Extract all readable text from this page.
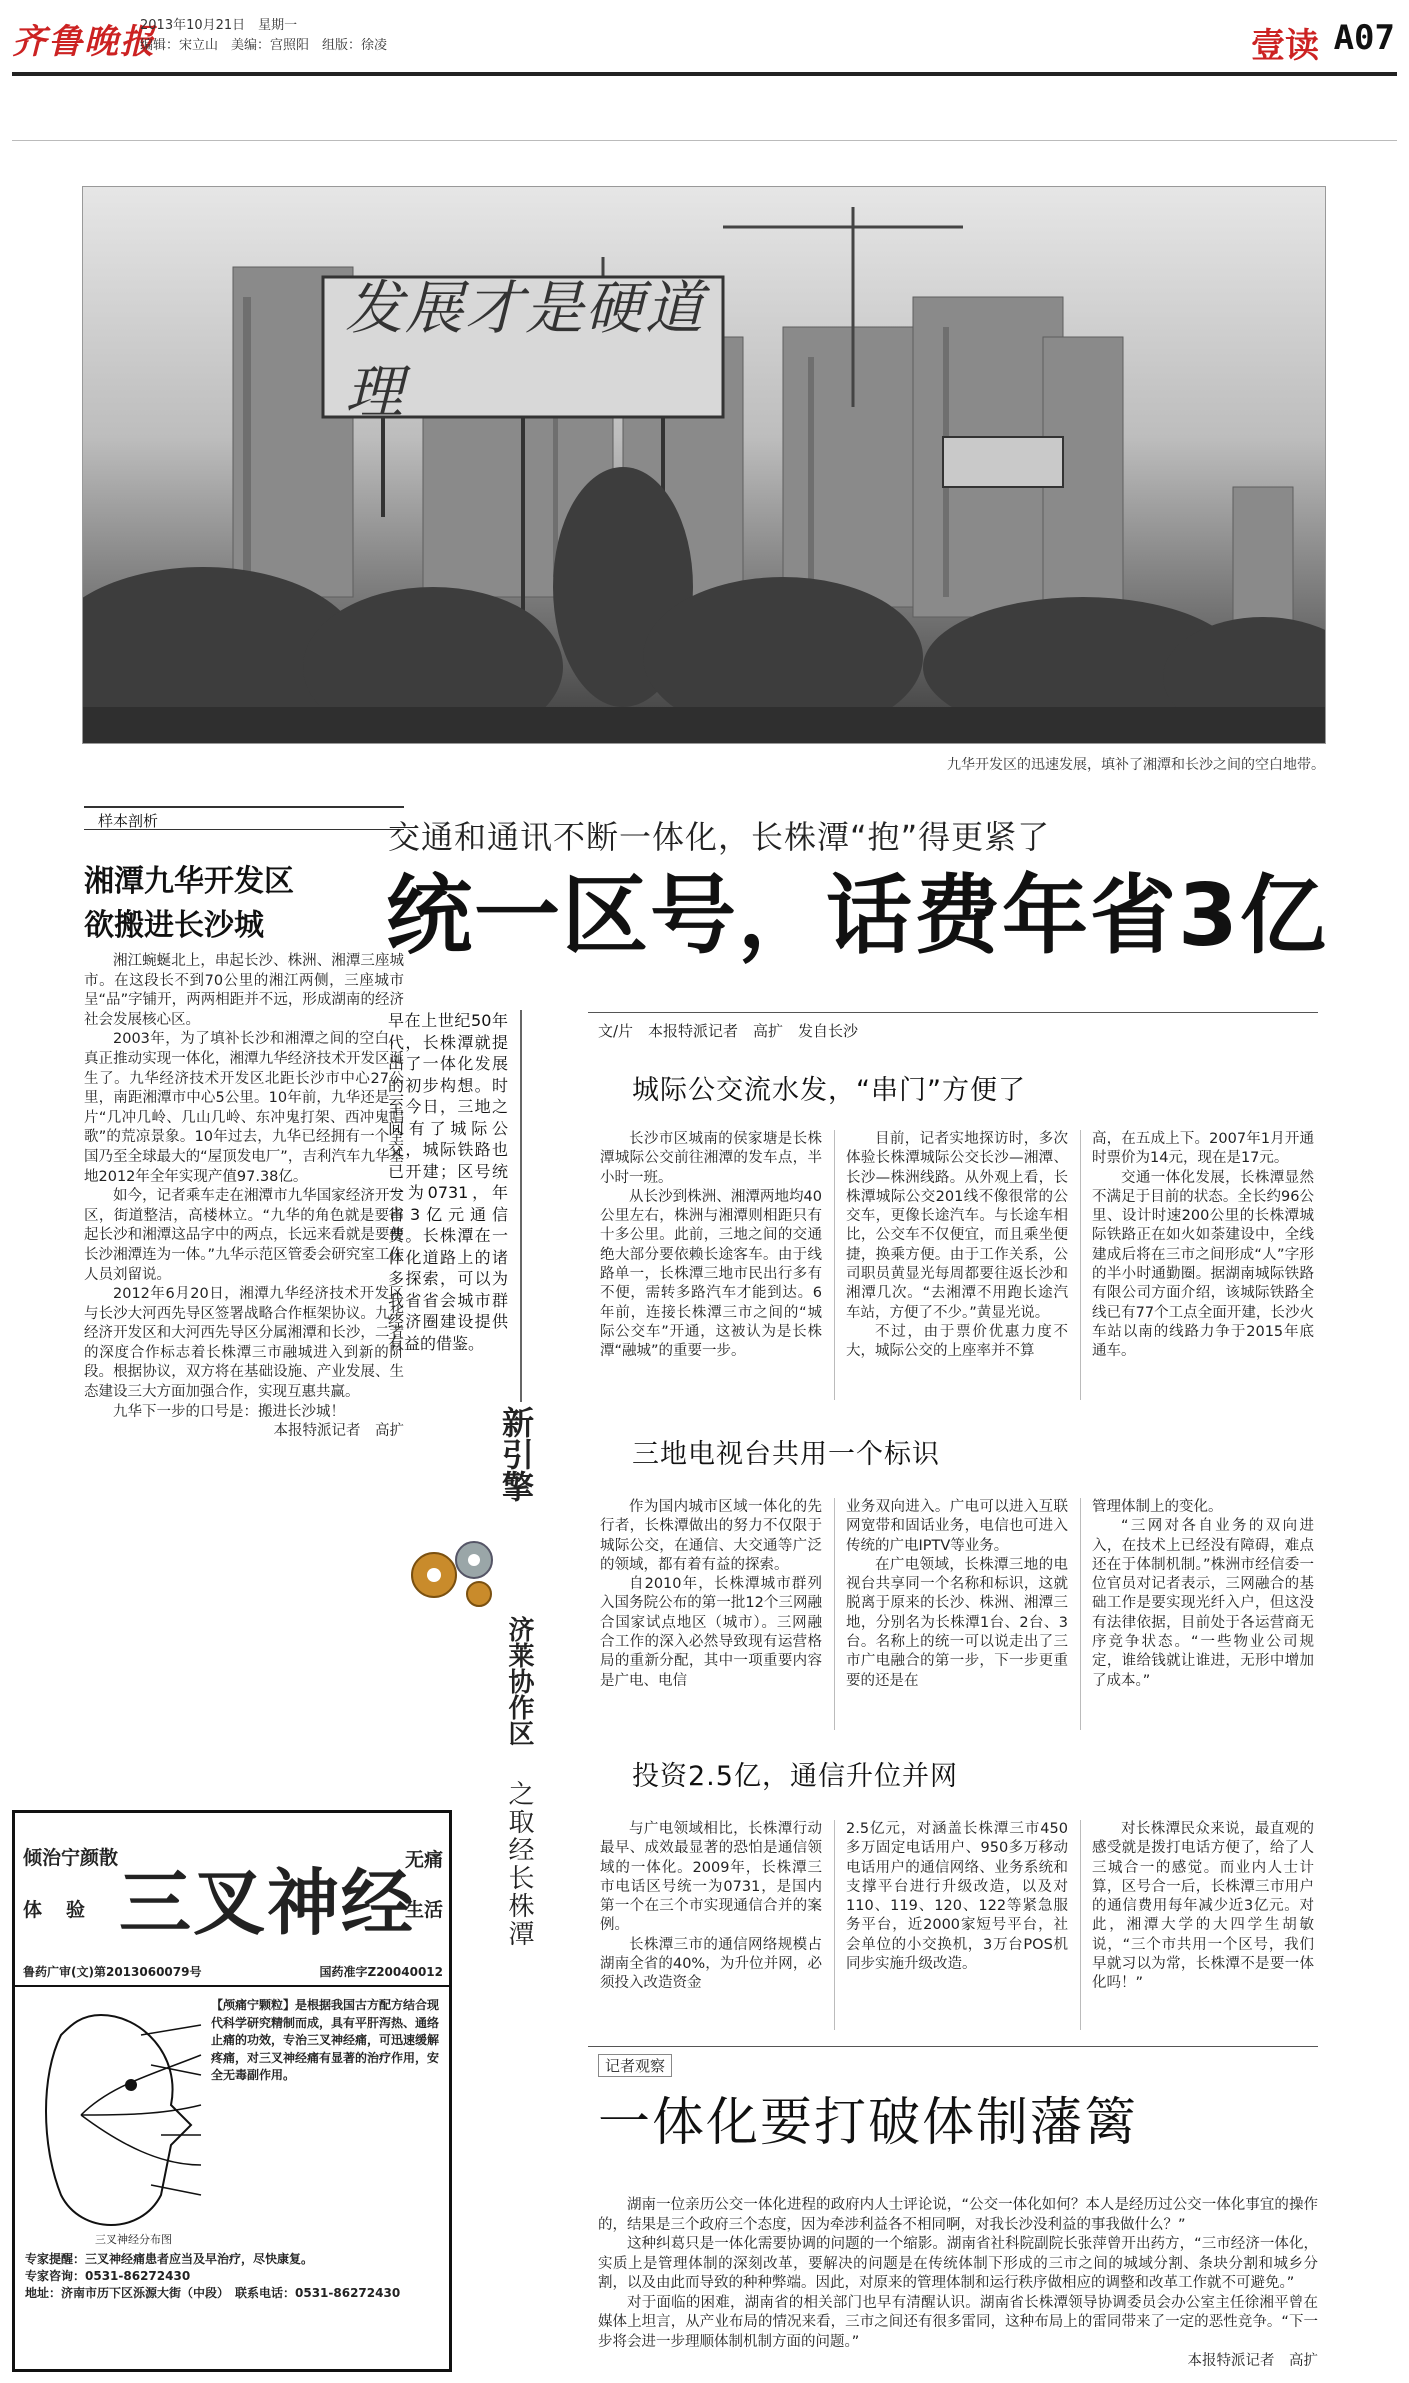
齐鲁晚报
2013年10月21日　星期一
编辑：宋立山　美编：宫照阳　组版：徐凌	壹读 A07
发展才是硬道理
九华开发区的迅速发展，填补了湘潭和长沙之间的空白地带。
样本剖析
湘潭九华开发区
欲搬进长沙城

湘江蜿蜒北上，串起长沙、株洲、湘潭三座城市。在这段长不到70公里的湘江两侧，三座城市呈“品”字铺开，两两相距并不远，形成湖南的经济社会发展核心区。

2003年，为了填补长沙和湘潭之间的空白，真正推动实现一体化，湘潭九华经济技术开发区诞生了。九华经济技术开发区北距长沙市中心27公里，南距湘潭市中心5公里。10年前，九华还是一片“几冲几岭、几山几岭、东冲鬼打架、西冲鬼唱歌”的荒凉景象。10年过去，九华已经拥有一个全国乃至全球最大的“屋顶发电厂”，吉利汽车九华基地2012年全年实现产值97.38亿。

如今，记者乘车走在湘潭市九华国家经济开发区，街道整洁，高楼林立。“九华的角色就是要串起长沙和湘潭这品字中的两点，长远来看就是要使长沙湘潭连为一体。”九华示范区管委会研究室工作人员刘留说。

2012年6月20日，湘潭九华经济技术开发区与长沙大河西先导区签署战略合作框架协议。九华经济开发区和大河西先导区分属湘潭和长沙，二者的深度合作标志着长株潭三市融城进入到新的阶段。根据协议，双方将在基础设施、产业发展、生态建设三大方面加强合作，实现互惠共赢。

九华下一步的口号是：搬进长沙城！

本报特派记者　高扩

倾治宁颜散
体验 三叉神经
无痛
生活
鲁药广审(文)第2013060079号	国药准字Z20040012
三叉神经分布图
【颅痛宁颗粒】是根据我国古方配方结合现代科学研究精制而成，具有平肝泻热、通络止痛的功效，专治三叉神经痛，可迅速缓解疼痛，对三叉神经痛有显著的治疗作用，安全无毒副作用。
专家提醒：三叉神经痛患者应当及早治疗，尽快康复。
专家咨询：0531-86272430
地址：济南市历下区泺源大街（中段）　联系电话：0531-86272430
交通和通讯不断一体化，长株潭“抱”得更紧了
统一区号，话费年省3亿
早在上世纪50年代，长株潭就提出了一体化发展的初步构想。时至今日，三地之间有了城际公交，城际铁路也已开建；区号统一为0731，年省3亿元通信费。长株潭在一体化道路上的诸多探索，可以为我省省会城市群经济圈建设提供有益的借鉴。
新引擎
济莱协作区
之取经长株潭
文/片　本报特派记者　高扩　发自长沙
城际公交流水发，“串门”方便了

长沙市区城南的侯家塘是长株潭城际公交前往湘潭的发车点，半小时一班。

从长沙到株洲、湘潭两地均40公里左右，株洲与湘潭则相距只有十多公里。此前，三地之间的交通绝大部分要依赖长途客车。由于线路单一，长株潭三地市民出行多有不便，需转多路汽车才能到达。6年前，连接长株潭三市之间的“城际公交车”开通，这被认为是长株潭“融城”的重要一步。

目前，记者实地探访时，多次体验长株潭城际公交长沙—湘潭、长沙—株洲线路。从外观上看，长株潭城际公交201线不像很常的公交车，更像长途汽车。与长途车相比，公交车不仅便宜，而且乘坐便捷，换乘方便。由于工作关系，公司职员黄显光每周都要往返长沙和湘潭几次。“去湘潭不用跑长途汽车站，方便了不少。”黄显光说。

不过，由于票价优惠力度不大，城际公交的上座率并不算

高，在五成上下。2007年1月开通时票价为14元，现在是17元。

交通一体化发展，长株潭显然不满足于目前的状态。全长约96公里、设计时速200公里的长株潭城际铁路正在如火如荼建设中，全线建成后将在三市之间形成“人”字形的半小时通勤圈。据湖南城际铁路有限公司方面介绍，该城际铁路全线已有77个工点全面开建，长沙火车站以南的线路力争于2015年底通车。

三地电视台共用一个标识

作为国内城市区域一体化的先行者，长株潭做出的努力不仅限于城际公交，在通信、大交通等广泛的领域，都有着有益的探索。

自2010年，长株潭城市群列入国务院公布的第一批12个三网融合国家试点地区（城市）。三网融合工作的深入必然导致现有运营格局的重新分配，其中一项重要内容是广电、电信

业务双向进入。广电可以进入互联网宽带和固话业务，电信也可进入传统的广电IPTV等业务。

在广电领域，长株潭三地的电视台共享同一个名称和标识，这就脱离于原来的长沙、株洲、湘潭三地，分别名为长株潭1台、2台、3台。名称上的统一可以说走出了三市广电融合的第一步，下一步更重要的还是在

管理体制上的变化。

“三网对各自业务的双向进入，在技术上已经没有障碍，难点还在于体制机制。”株洲市经信委一位官员对记者表示，三网融合的基础工作是要实现光纤入户，但这没有法律依据，目前处于各运营商无序竞争状态。“一些物业公司规定，谁给钱就让谁进，无形中增加了成本。”

投资2.5亿，通信升位并网

与广电领域相比，长株潭行动最早、成效最显著的恐怕是通信领域的一体化。2009年，长株潭三市电话区号统一为0731，是国内第一个在三个市实现通信合并的案例。

长株潭三市的通信网络规模占湖南全省的40%，为升位并网，必须投入改造资金

2.5亿元，对涵盖长株潭三市450多万固定电话用户、950多万移动电话用户的通信网络、业务系统和支撑平台进行升级改造，以及对110、119、120、122等紧急服务平台，近2000家短号平台，社会单位的小交换机，3万台POS机同步实施升级改造。

对长株潭民众来说，最直观的感受就是拨打电话方便了，给了人三城合一的感觉。而业内人士计算，区号合一后，长株潭三市用户的通信费用每年减少近3亿元。对此，湘潭大学的大四学生胡敏说，“三个市共用一个区号，我们早就习以为常，长株潭不是要一体化吗！”

记者观察
一体化要打破体制藩篱

湖南一位亲历公交一体化进程的政府内人士评论说，“公交一体化如何？本人是经历过公交一体化事宜的操作的，结果是三个政府三个态度，因为牵涉利益各不相同啊，对我长沙没利益的事我做什么？”

这种纠葛只是一体化需要协调的问题的一个缩影。湖南省社科院副院长张萍曾开出药方，“三市经济一体化，实质上是管理体制的深刻改革，要解决的问题是在传统体制下形成的三市之间的城域分割、条块分割和城乡分割，以及由此而导致的种种弊端。因此，对原来的管理体制和运行秩序做相应的调整和改革工作就不可避免。”

对于面临的困难，湖南省的相关部门也早有清醒认识。湖南省长株潭领导协调委员会办公室主任徐湘平曾在媒体上坦言，从产业布局的情况来看，三市之间还有很多雷同，这种布局上的雷同带来了一定的恶性竞争。“下一步将会进一步理顺体制机制方面的问题。”

本报特派记者　高扩
